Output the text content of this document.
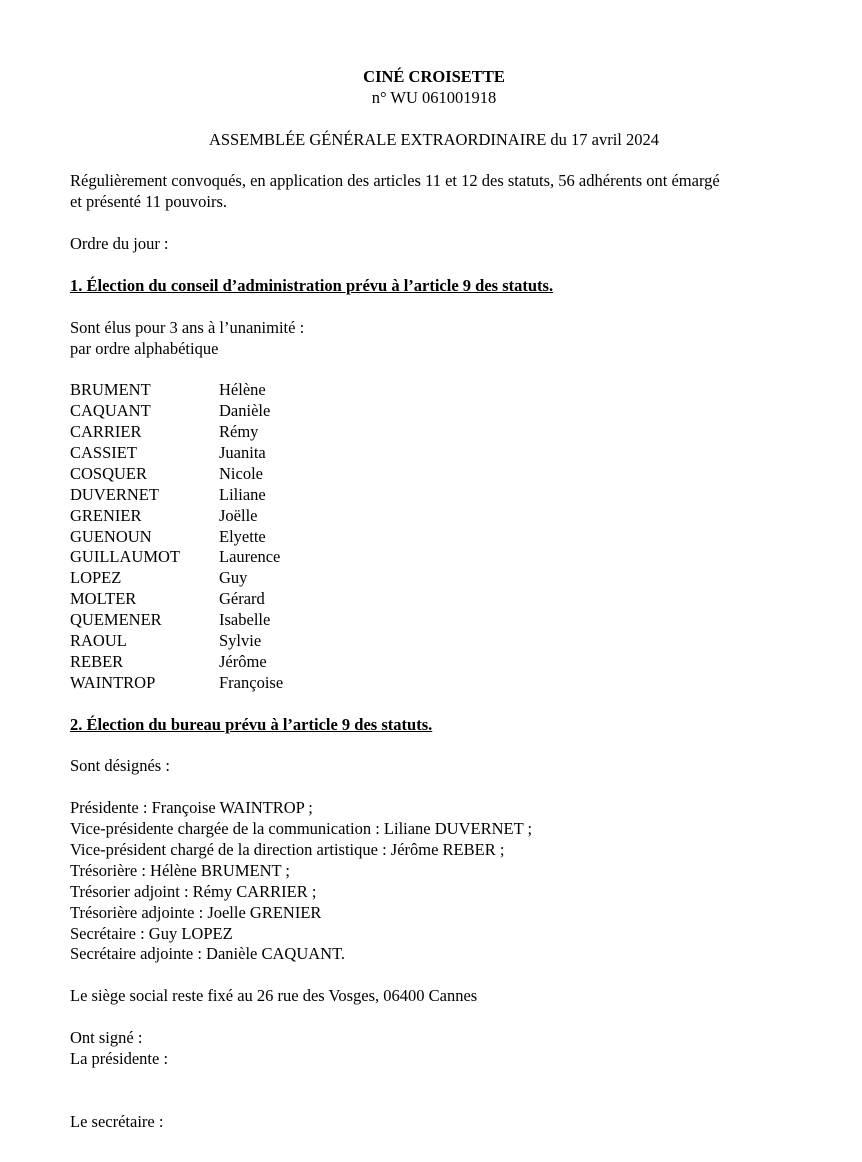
CINÉ CROISETTE
n° WU 061001918
ASSEMBLÉE GÉNÉRALE EXTRAORDINAIRE du 17 avril 2024
Régulièrement convoqués, en application des articles 11 et 12 des statuts, 56 adhérents ont émargé
et présenté 11 pouvoirs.
Ordre du jour :
1. Élection du conseil d’administration prévu à l’article 9 des statuts.
Sont élus pour 3 ans à l’unanimité :
par ordre alphabétique
BRUMENT	Hélène
CAQUANT	Danièle
CARRIER	Rémy
CASSIET	Juanita
COSQUER	Nicole
DUVERNET	Liliane
GRENIER	Joëlle
GUENOUN	Elyette
GUILLAUMOT	Laurence
LOPEZ	Guy
MOLTER	Gérard
QUEMENER	Isabelle
RAOUL	Sylvie
REBER	Jérôme
WAINTROP	Françoise
2. Élection du bureau prévu à l’article 9 des statuts.
Sont désignés :
Présidente : Françoise WAINTROP ;
Vice-présidente chargée de la communication : Liliane DUVERNET ;
Vice-président chargé de la direction artistique : Jérôme REBER ;
Trésorière : Hélène BRUMENT ;
Trésorier adjoint : Rémy CARRIER ;
Trésorière adjointe : Joelle GRENIER
Secrétaire : Guy LOPEZ
Secrétaire adjointe : Danièle CAQUANT.
Le siège social reste fixé au 26 rue des Vosges, 06400 Cannes
Ont signé :
La présidente :
Le secrétaire :
